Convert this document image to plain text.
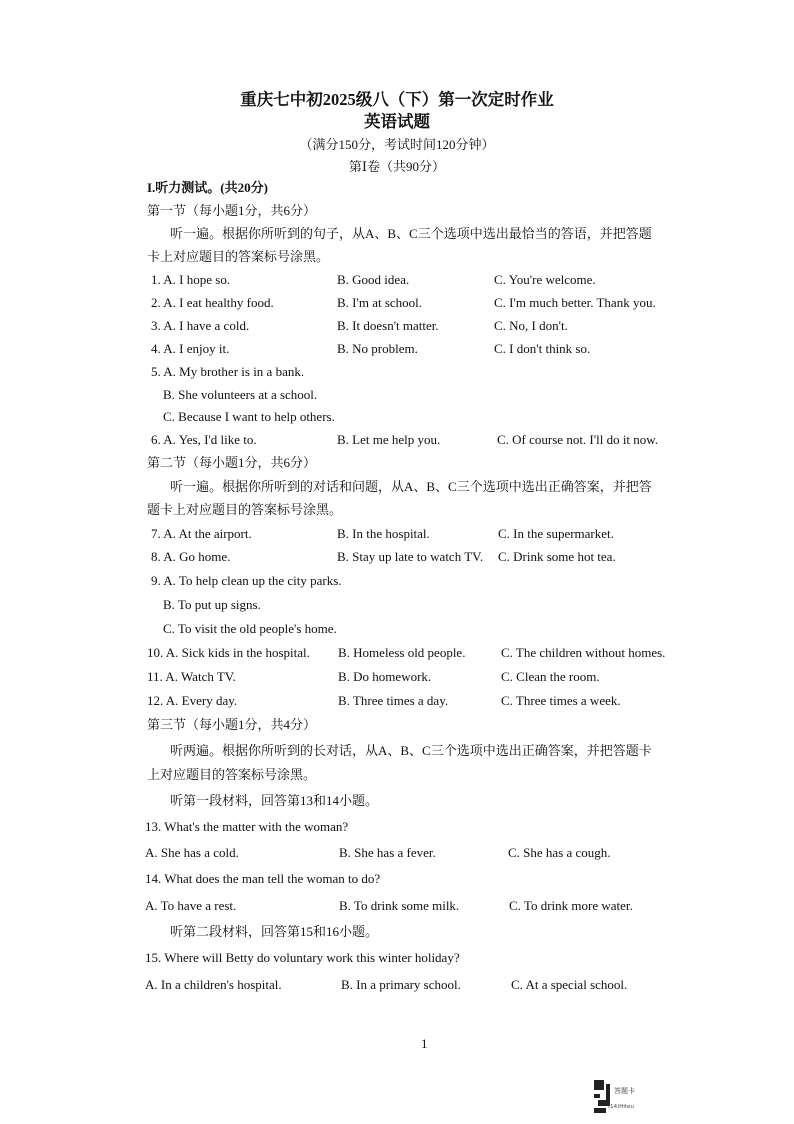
重庆七中初2025级八（下）第一次定时作业
英语试题
（满分150分，考试时间120分钟）
第Ⅰ卷（共90分）
I.听力测试。(共20分)
第一节（每小题1分，共6分）
听一遍。根据你所听到的句子，从A、B、C三个选项中选出最恰当的答语，并把答题
卡上对应题目的答案标号涂黑。
1. A. I hope so.	B. Good idea.	C. You're welcome.
2. A. I eat healthy food.	B. I'm at school.	C. I'm much better. Thank you.
3. A. I have a cold.	B. It doesn't matter.	C. No, I don't.
4. A. I enjoy it.	B. No problem.	C. I don't think so.
5. A. My brother is in a bank.
B. She volunteers at a school.
C. Because I want to help others.
6. A. Yes, I'd like to.	B. Let me help you.	C. Of course not. I'll do it now.
第二节（每小题1分，共6分）
听一遍。根据你所听到的对话和问题，从A、B、C三个选项中选出正确答案，并把答
题卡上对应题目的答案标号涂黑。
7. A. At the airport.	B. In the hospital.	C. In the supermarket.
8. A. Go home.	B. Stay up late to watch TV. C. Drink some hot tea.
9. A. To help clean up the city parks.
B. To put up signs.
C. To visit the old people's home.
10. A. Sick kids in the hospital. B. Homeless old people.	C. The children without homes.
11. A. Watch TV.	B. Do homework.	C. Clean the room.
12. A. Every day.	B. Three times a day.	C. Three times a week.
第三节（每小题1分，共4分）
听两遍。根据你所听到的长对话，从A、B、C三个选项中选出正确答案，并把答题卡
上对应题目的答案标号涂黑。
听第一段材料，回答第13和14小题。
13. What's the matter with the woman?
A. She has a cold.	B. She has a fever.	C. She has a cough.
14. What does the man tell the woman to do?
A. To have a rest.	B. To drink some milk.	C. To drink more water.
听第二段材料，回答第15和16小题。
15. Where will Betty do voluntary work this winter holiday?
A. In a children's hospital.	B. In a primary school.	C. At a special school.
1
答题卡
(14)Hiteu
